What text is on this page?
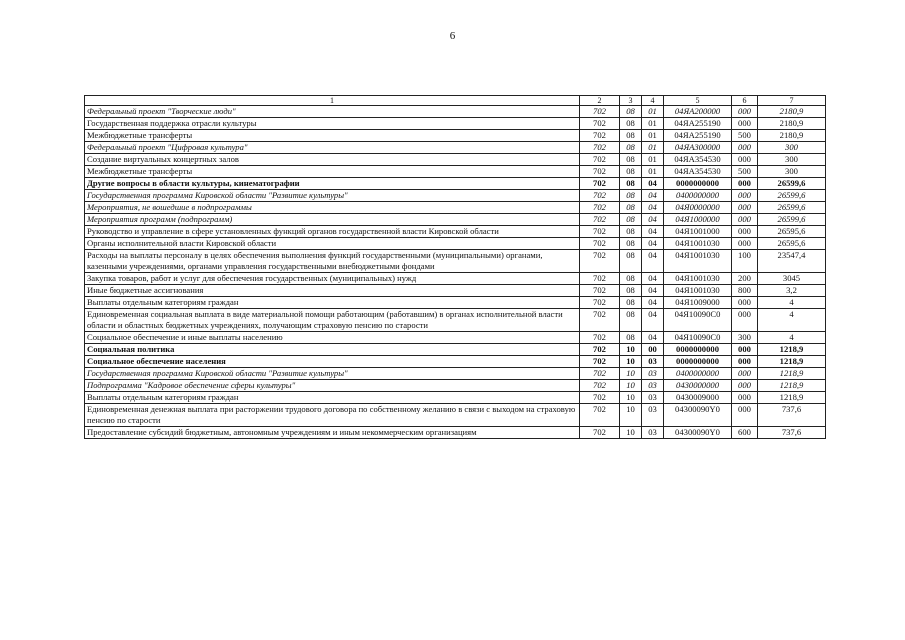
6
1	2	3	4	5	6	7
Федеральный проект "Творческие люди"	702	08	01	04ЯA200000	000	2180,9
Государственная поддержка отрасли культуры	702	08	01	04ЯA255190	000	2180,9
Межбюджетные трансферты	702	08	01	04ЯA255190	500	2180,9
Федеральный проект "Цифровая культура"	702	08	01	04ЯA300000	000	300
Создание виртуальных концертных залов	702	08	01	04ЯA354530	000	300
Межбюджетные трансферты	702	08	01	04ЯA354530	500	300
Другие вопросы в области культуры, кинематографии	702	08	04	0000000000	000	26599,6
Государственная программа Кировской области "Развитие культуры"	702	08	04	0400000000	000	26599,6
Мероприятия, не вошедшие в подпрограммы	702	08	04	04Я0000000	000	26599,6
Мероприятия программ (подпрограмм)	702	08	04	04Я1000000	000	26599,6
Руководство и управление в сфере установленных функций органов государственной власти Кировской области	702	08	04	04Я1001000	000	26595,6
Органы исполнительной власти Кировской области	702	08	04	04Я1001030	000	26595,6
Расходы на выплаты персоналу в целях обеспечения выполнения функций государственными (муниципальными) органами, казенными учреждениями, органами управления государственными внебюджетными фондами	702	08	04	04Я1001030	100	23547,4
Закупка товаров, работ и услуг для обеспечения государственных (муниципальных) нужд	702	08	04	04Я1001030	200	3045
Иные бюджетные ассигнования	702	08	04	04Я1001030	800	3,2
Выплаты отдельным категориям граждан	702	08	04	04Я1009000	000	4
Единовременная социальная выплата в виде материальной помощи работающим (работавшим) в органах исполнительной власти области и областных бюджетных учреждениях, получающим страховую пенсию по старости	702	08	04	04Я10090C0	000	4
Социальное обеспечение и иные выплаты населению	702	08	04	04Я10090C0	300	4
Социальная политика	702	10	00	0000000000	000	1218,9
Социальное обеспечение населения	702	10	03	0000000000	000	1218,9
Государственная программа Кировской области "Развитие культуры"	702	10	03	0400000000	000	1218,9
Подпрограмма "Кадровое обеспечение сферы культуры"	702	10	03	0430000000	000	1218,9
Выплаты отдельным категориям граждан	702	10	03	0430009000	000	1218,9
Единовременная денежная выплата при расторжении трудового договора по собственному желанию в связи с выходом на страховую пенсию по старости	702	10	03	04300090Y0	000	737,6
Предоставление субсидий бюджетным, автономным учреждениям и иным некоммерческим организациям	702	10	03	04300090Y0	600	737,6
